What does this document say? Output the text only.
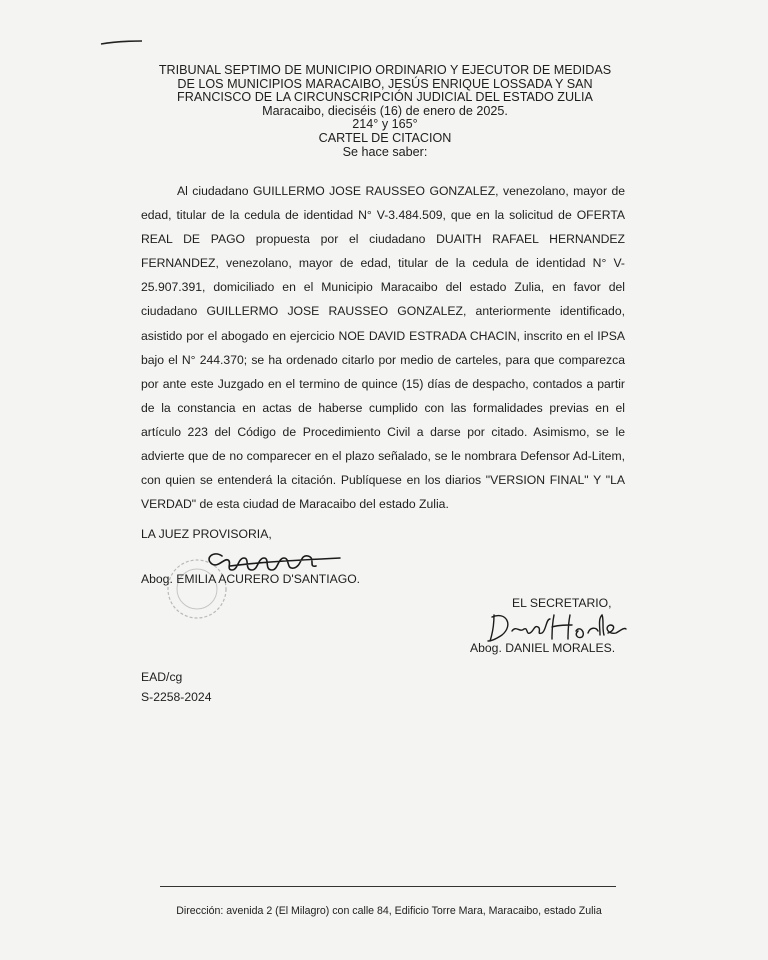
TRIBUNAL SEPTIMO DE MUNICIPIO ORDINARIO Y EJECUTOR DE MEDIDAS
DE LOS MUNICIPIOS MARACAIBO, JESÚS ENRIQUE LOSSADA Y SAN
FRANCISCO DE LA CIRCUNSCRIPCIÓN JUDICIAL DEL ESTADO ZULIA
Maracaibo, dieciséis (16) de enero de 2025.
214° y 165°
CARTEL DE CITACION
Se hace saber:

Al ciudadano GUILLERMO JOSE RAUSSEO GONZALEZ, venezolano, mayor de edad, titular de la cedula de identidad N° V-3.484.509, que en la solicitud de OFERTA REAL DE PAGO propuesta por el ciudadano DUAITH RAFAEL HERNANDEZ FERNANDEZ, venezolano, mayor de edad, titular de la cedula de identidad N° V-25.907.391, domiciliado en el Municipio Maracaibo del estado Zulia, en favor del ciudadano GUILLERMO JOSE RAUSSEO GONZALEZ, anteriormente identificado, asistido por el abogado en ejercicio NOE DAVID ESTRADA CHACIN, inscrito en el IPSA bajo el N° 244.370; se ha ordenado citarlo por medio de carteles, para que comparezca por ante este Juzgado en el termino de quince (15) días de despacho, contados a partir de la constancia en actas de haberse cumplido con las formalidades previas en el artículo 223 del Código de Procedimiento Civil a darse por citado. Asimismo, se le advierte que de no comparecer en el plazo señalado, se le nombrara Defensor Ad-Litem, con quien se entenderá la citación. Publíquese en los diarios "VERSION FINAL" Y "LA VERDAD" de esta ciudad de Maracaibo del estado Zulia.

LA JUEZ PROVISORIA,
Abog. EMILIA ACURERO D'SANTIAGO.
EL SECRETARIO,
Abog. DANIEL MORALES.
EAD/cg
S-2258-2024
Dirección: avenida 2 (El Milagro) con calle 84, Edificio Torre Mara, Maracaibo, estado Zulia
